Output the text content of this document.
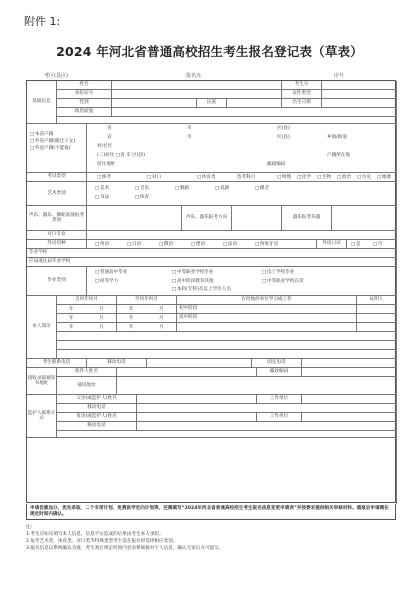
附件 1:
2024 年河北省普通高校招生考生报名登记表（草表）
考区(县区)	报名点	序号
基础信息
姓名	考生号
身份证号	证件类型
性别	民族	出生日期
政治面貌
□ 本省户籍
□ 外省户籍(随迁子女)
□ 外省户籍(不能报)
省	市	区(县)
省	市	区(县)	乡镇/街道
村/社区
(二)居住 □省 市 区(县)	户籍所在地
居住地址	邮政编码
考试类型	□ 统考	□ 对口	□ 体育类	选考科目	□ 物理	□ 化学	□ 生物	□ 政治	□ 历史	□ 地理
艺术类别
□ 美术	□ 音乐	□ 舞蹈	□ 戏剧	□ 播音
□ 书法	□ 体育
声乐、器乐、舞蹈表演报考类别
声乐、器乐报考方向	器乐报考乐器
对口专业
外语语种	□ 英语	□ 日语	□ 俄语	□ 德语	□ 法语	□ 西班牙语	外语口试	□ 是	□ 否
毕业学校
应届或往届毕业学校
毕业类别
□ 普通高中毕业	□ 中等职业学校毕业	□ 技工学校毕业
□ 同等学力	□ 高中阶段教育其他	□ 中等职业学校在读
□ 本科(专科)及以上学历人员
本人简历
自何年何月	至何年何月	在何地何单位学习或工作	证明人
年	月	年	月	初中阶段
年	月	年	月	高中阶段
年	月	年	月
考生联系电话	移动电话	固定电话
接收录取通知书地址
收件人姓名	邮政编码
通讯地址
监护人联系方式
父亲(或监护人)姓名	工作单位
移动电话
母亲(或监护人)姓名	工作单位
移动电话
申请优惠加分、优先录取、二个专项计划、免费医学定向计划等，还需填写“2024年河北省普通高校招生考生报名信息变更申请表”并按要求提供相关审核材料。填报后申请需在规定时间内确认。
注:
1.考生应如实填写本人信息，信息不实造成的后果由考生本人承担。
2.报考艺术类、体育类、对口类等特殊类型考生需在报名时选择相应类别。
3.报名信息以系统确认为准，考生须在规定时间内登录系统核对个人信息，确认无误后方可提交。
